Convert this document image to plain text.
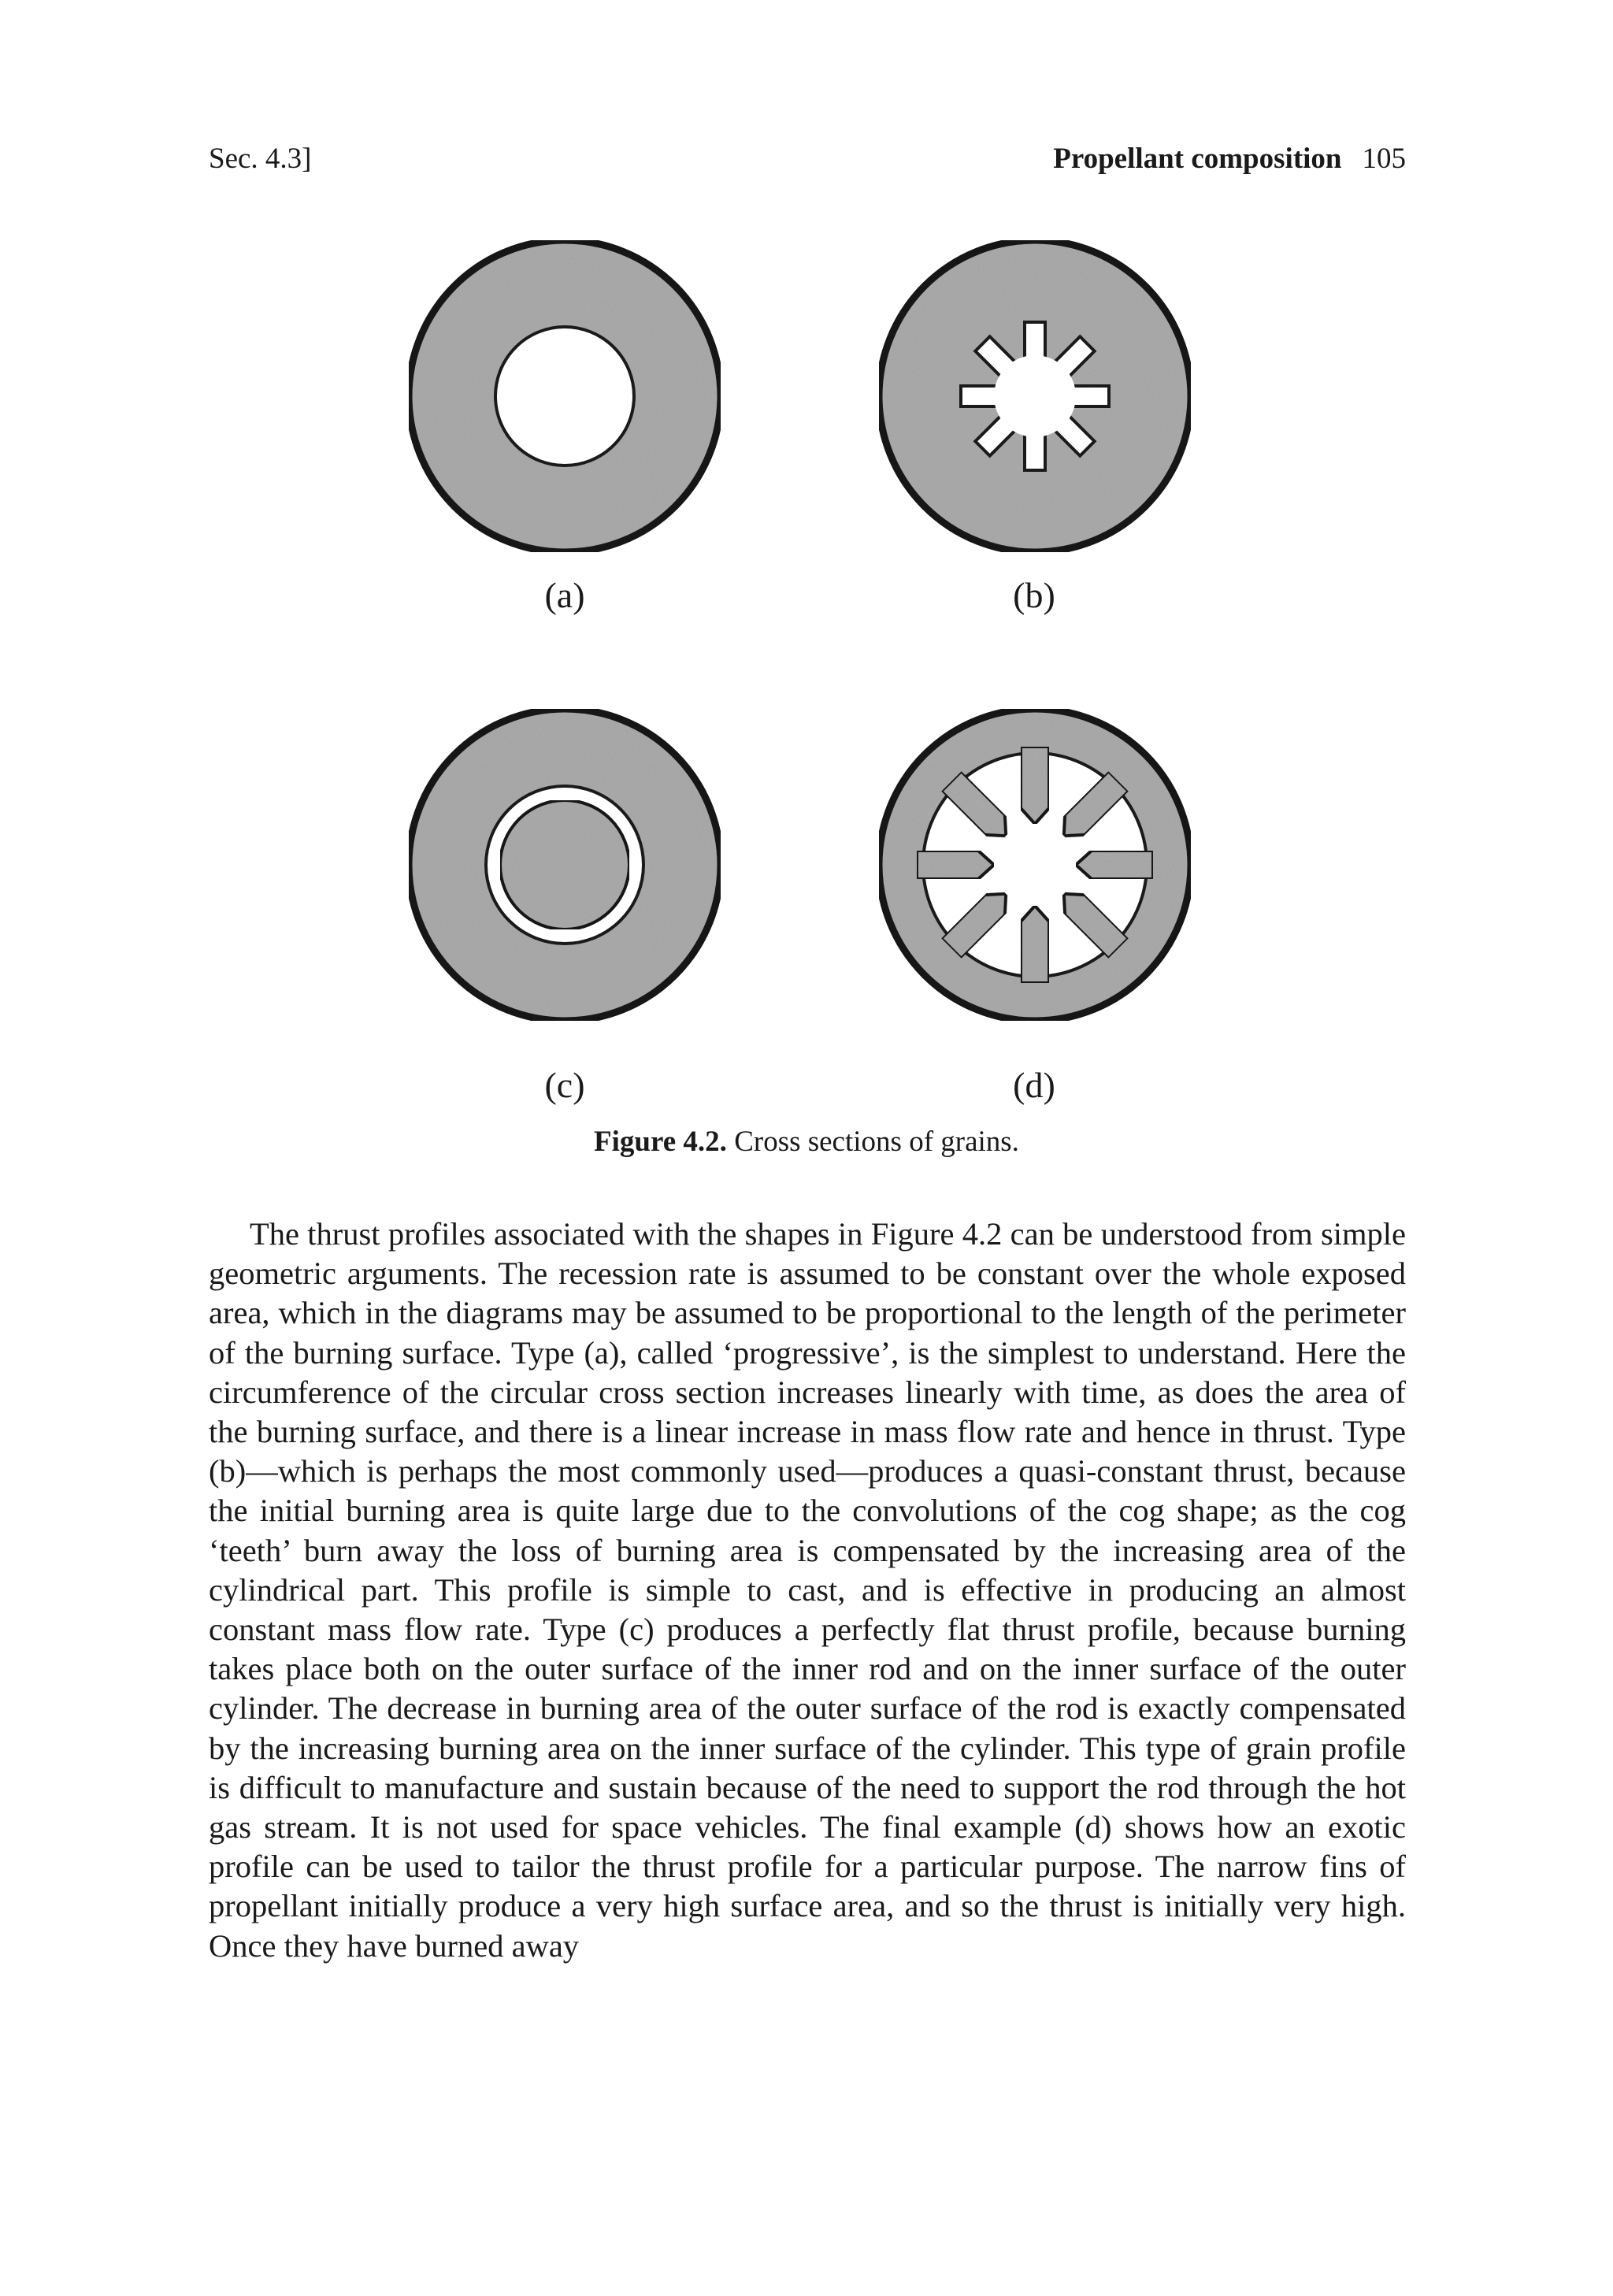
Sec. 4.3]	Propellant composition 105
(a)	(b)
(c)	(d)
Figure 4.2. Cross sections of grains.

The thrust profiles associated with the shapes in Figure 4.2 can be understood from simple geometric arguments. The recession rate is assumed to be constant over the whole exposed area, which in the diagrams may be assumed to be proportional to the length of the perimeter of the burning surface. Type (a), called ‘progressive’, is the simplest to understand. Here the circumference of the circular cross section increases linearly with time, as does the area of the burning surface, and there is a linear increase in mass flow rate and hence in thrust. Type (b)—which is perhaps the most commonly used—produces a quasi-constant thrust, because the initial burning area is quite large due to the convolutions of the cog shape; as the cog ‘teeth’ burn away the loss of burning area is compensated by the increasing area of the cylindrical part. This profile is simple to cast, and is effective in producing an almost constant mass flow rate. Type (c) produces a perfectly flat thrust profile, because burning takes place both on the outer surface of the inner rod and on the inner surface of the outer cylinder. The decrease in burning area of the outer surface of the rod is exactly compensated by the increasing burning area on the inner surface of the cylinder. This type of grain profile is difficult to manufacture and sustain because of the need to support the rod through the hot gas stream. It is not used for space vehicles. The final example (d) shows how an exotic profile can be used to tailor the thrust profile for a particular purpose. The narrow fins of propellant initially produce a very high surface area, and so the thrust is initially very high. Once they have burned away
